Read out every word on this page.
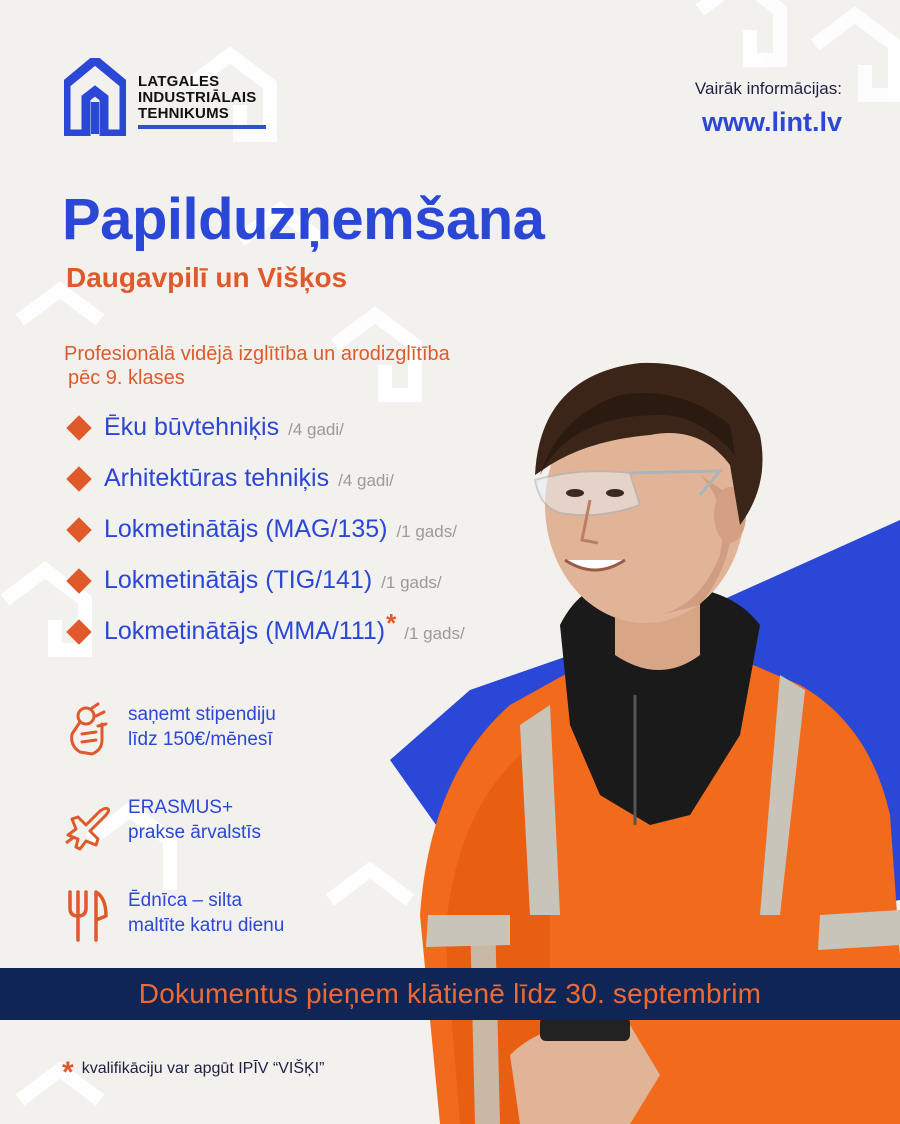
LATGALES
INDUSTRIĀLAIS
TEHNIKUMS
Vairāk informācijas:
www.lint.lv
Papilduzņemšana
Daugavpilī un Višķos
Profesionālā vidējā izglītība un arodizglītība
pēc 9. klases
Ēku būvtehniķis /4 gadi/
Arhitektūras tehniķis /4 gadi/
Lokmetinātājs (MAG/135) /1 gads/
Lokmetinātājs (TIG/141) /1 gads/
Lokmetinātājs (MMA/111) * /1 gads/
saņemt stipendiju
līdz 150€/mēnesī
ERASMUS+
prakse ārvalstīs
Ēdnīca – silta
maltīte katru dienu
Dokumentus pieņem klātienē līdz 30. septembrim
* kvalifikāciju var apgūt IPĪV “VIŠĶI”
